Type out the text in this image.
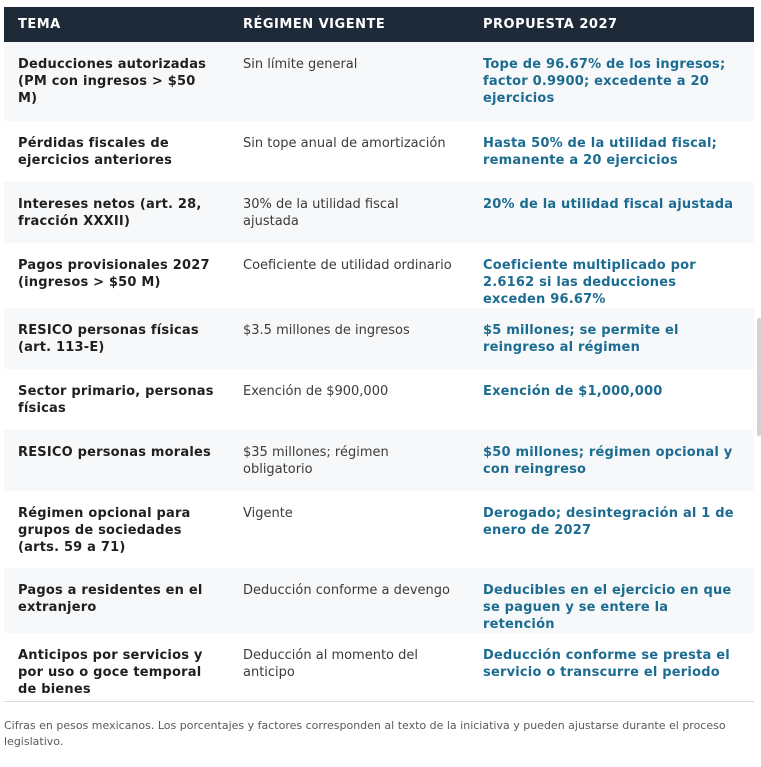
TEMA	RÉGIMEN VIGENTE	PROPUESTA 2027
Deducciones autorizadas (PM con ingresos > $50 M)	Sin límite general	Tope de 96.67% de los ingresos; factor 0.9900; excedente a 20 ejercicios
Pérdidas fiscales de ejercicios anteriores	Sin tope anual de amortización	Hasta 50% de la utilidad fiscal; remanente a 20 ejercicios
Intereses netos (art. 28, fracción XXXII)	30% de la utilidad fiscal ajustada	20% de la utilidad fiscal ajustada
Pagos provisionales 2027 (ingresos > $50 M)	Coeficiente de utilidad ordinario	Coeficiente multiplicado por 2.6162 si las deducciones exceden 96.67%
RESICO personas físicas (art. 113-E)	$3.5 millones de ingresos	$5 millones; se permite el reingreso al régimen
Sector primario, personas físicas	Exención de $900,000	Exención de $1,000,000
RESICO personas morales	$35 millones; régimen obligatorio	$50 millones; régimen opcional y con reingreso
Régimen opcional para grupos de sociedades (arts. 59 a 71)	Vigente	Derogado; desintegración al 1 de enero de 2027
Pagos a residentes en el extranjero	Deducción conforme a devengo	Deducibles en el ejercicio en que se paguen y se entere la retención
Anticipos por servicios y por uso o goce temporal de bienes	Deducción al momento del anticipo	Deducción conforme se presta el servicio o transcurre el periodo
Cifras en pesos mexicanos. Los porcentajes y factores corresponden al texto de la iniciativa y pueden ajustarse durante el proceso legislativo.
